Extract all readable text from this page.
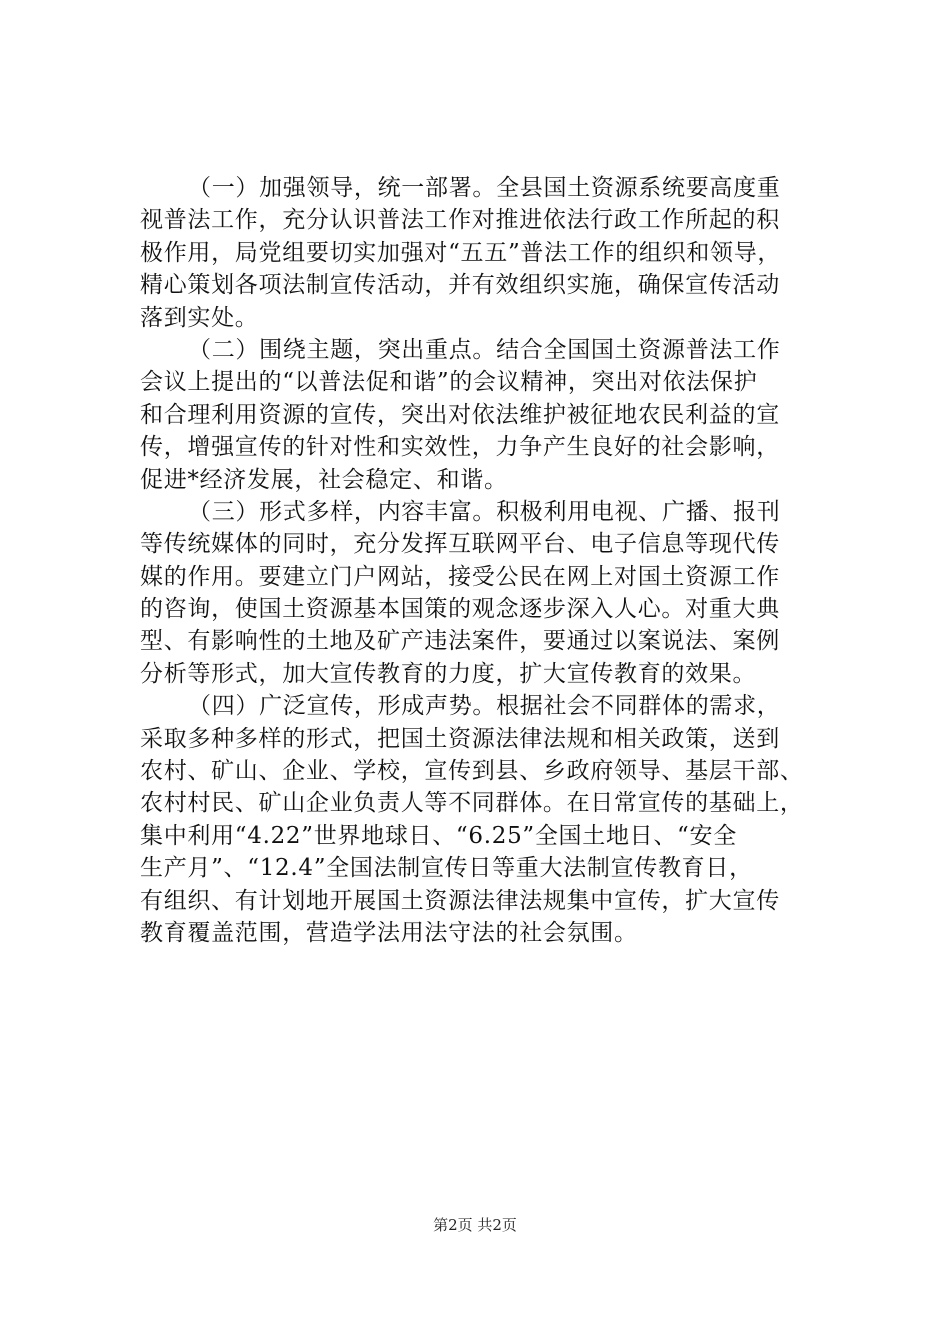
（一）加强领导，统一部署。全县国土资源系统要高度重
视普法工作，充分认识普法工作对推进依法行政工作所起的积
极作用，局党组要切实加强对“五五”普法工作的组织和领导，
精心策划各项法制宣传活动，并有效组织实施，确保宣传活动
落到实处。
（二）围绕主题，突出重点。结合全国国土资源普法工作
会议上提出的“以普法促和谐”的会议精神，突出对依法保护
和合理利用资源的宣传，突出对依法维护被征地农民利益的宣
传，增强宣传的针对性和实效性，力争产生良好的社会影响，
促进*经济发展，社会稳定、和谐。
（三）形式多样，内容丰富。积极利用电视、广播、报刊
等传统媒体的同时，充分发挥互联网平台、电子信息等现代传
媒的作用。要建立门户网站，接受公民在网上对国土资源工作
的咨询，使国土资源基本国策的观念逐步深入人心。对重大典
型、有影响性的土地及矿产违法案件，要通过以案说法、案例
分析等形式，加大宣传教育的力度，扩大宣传教育的效果。
（四）广泛宣传，形成声势。根据社会不同群体的需求，
采取多种多样的形式，把国土资源法律法规和相关政策，送到
农村、矿山、企业、学校，宣传到县、乡政府领导、基层干部、
农村村民、矿山企业负责人等不同群体。在日常宣传的基础上，
集中利用“4.22”世界地球日、“6.25”全国土地日、“安全
生产月”、“12.4”全国法制宣传日等重大法制宣传教育日，
有组织、有计划地开展国土资源法律法规集中宣传，扩大宣传
教育覆盖范围，营造学法用法守法的社会氛围。
第2页 共2页
